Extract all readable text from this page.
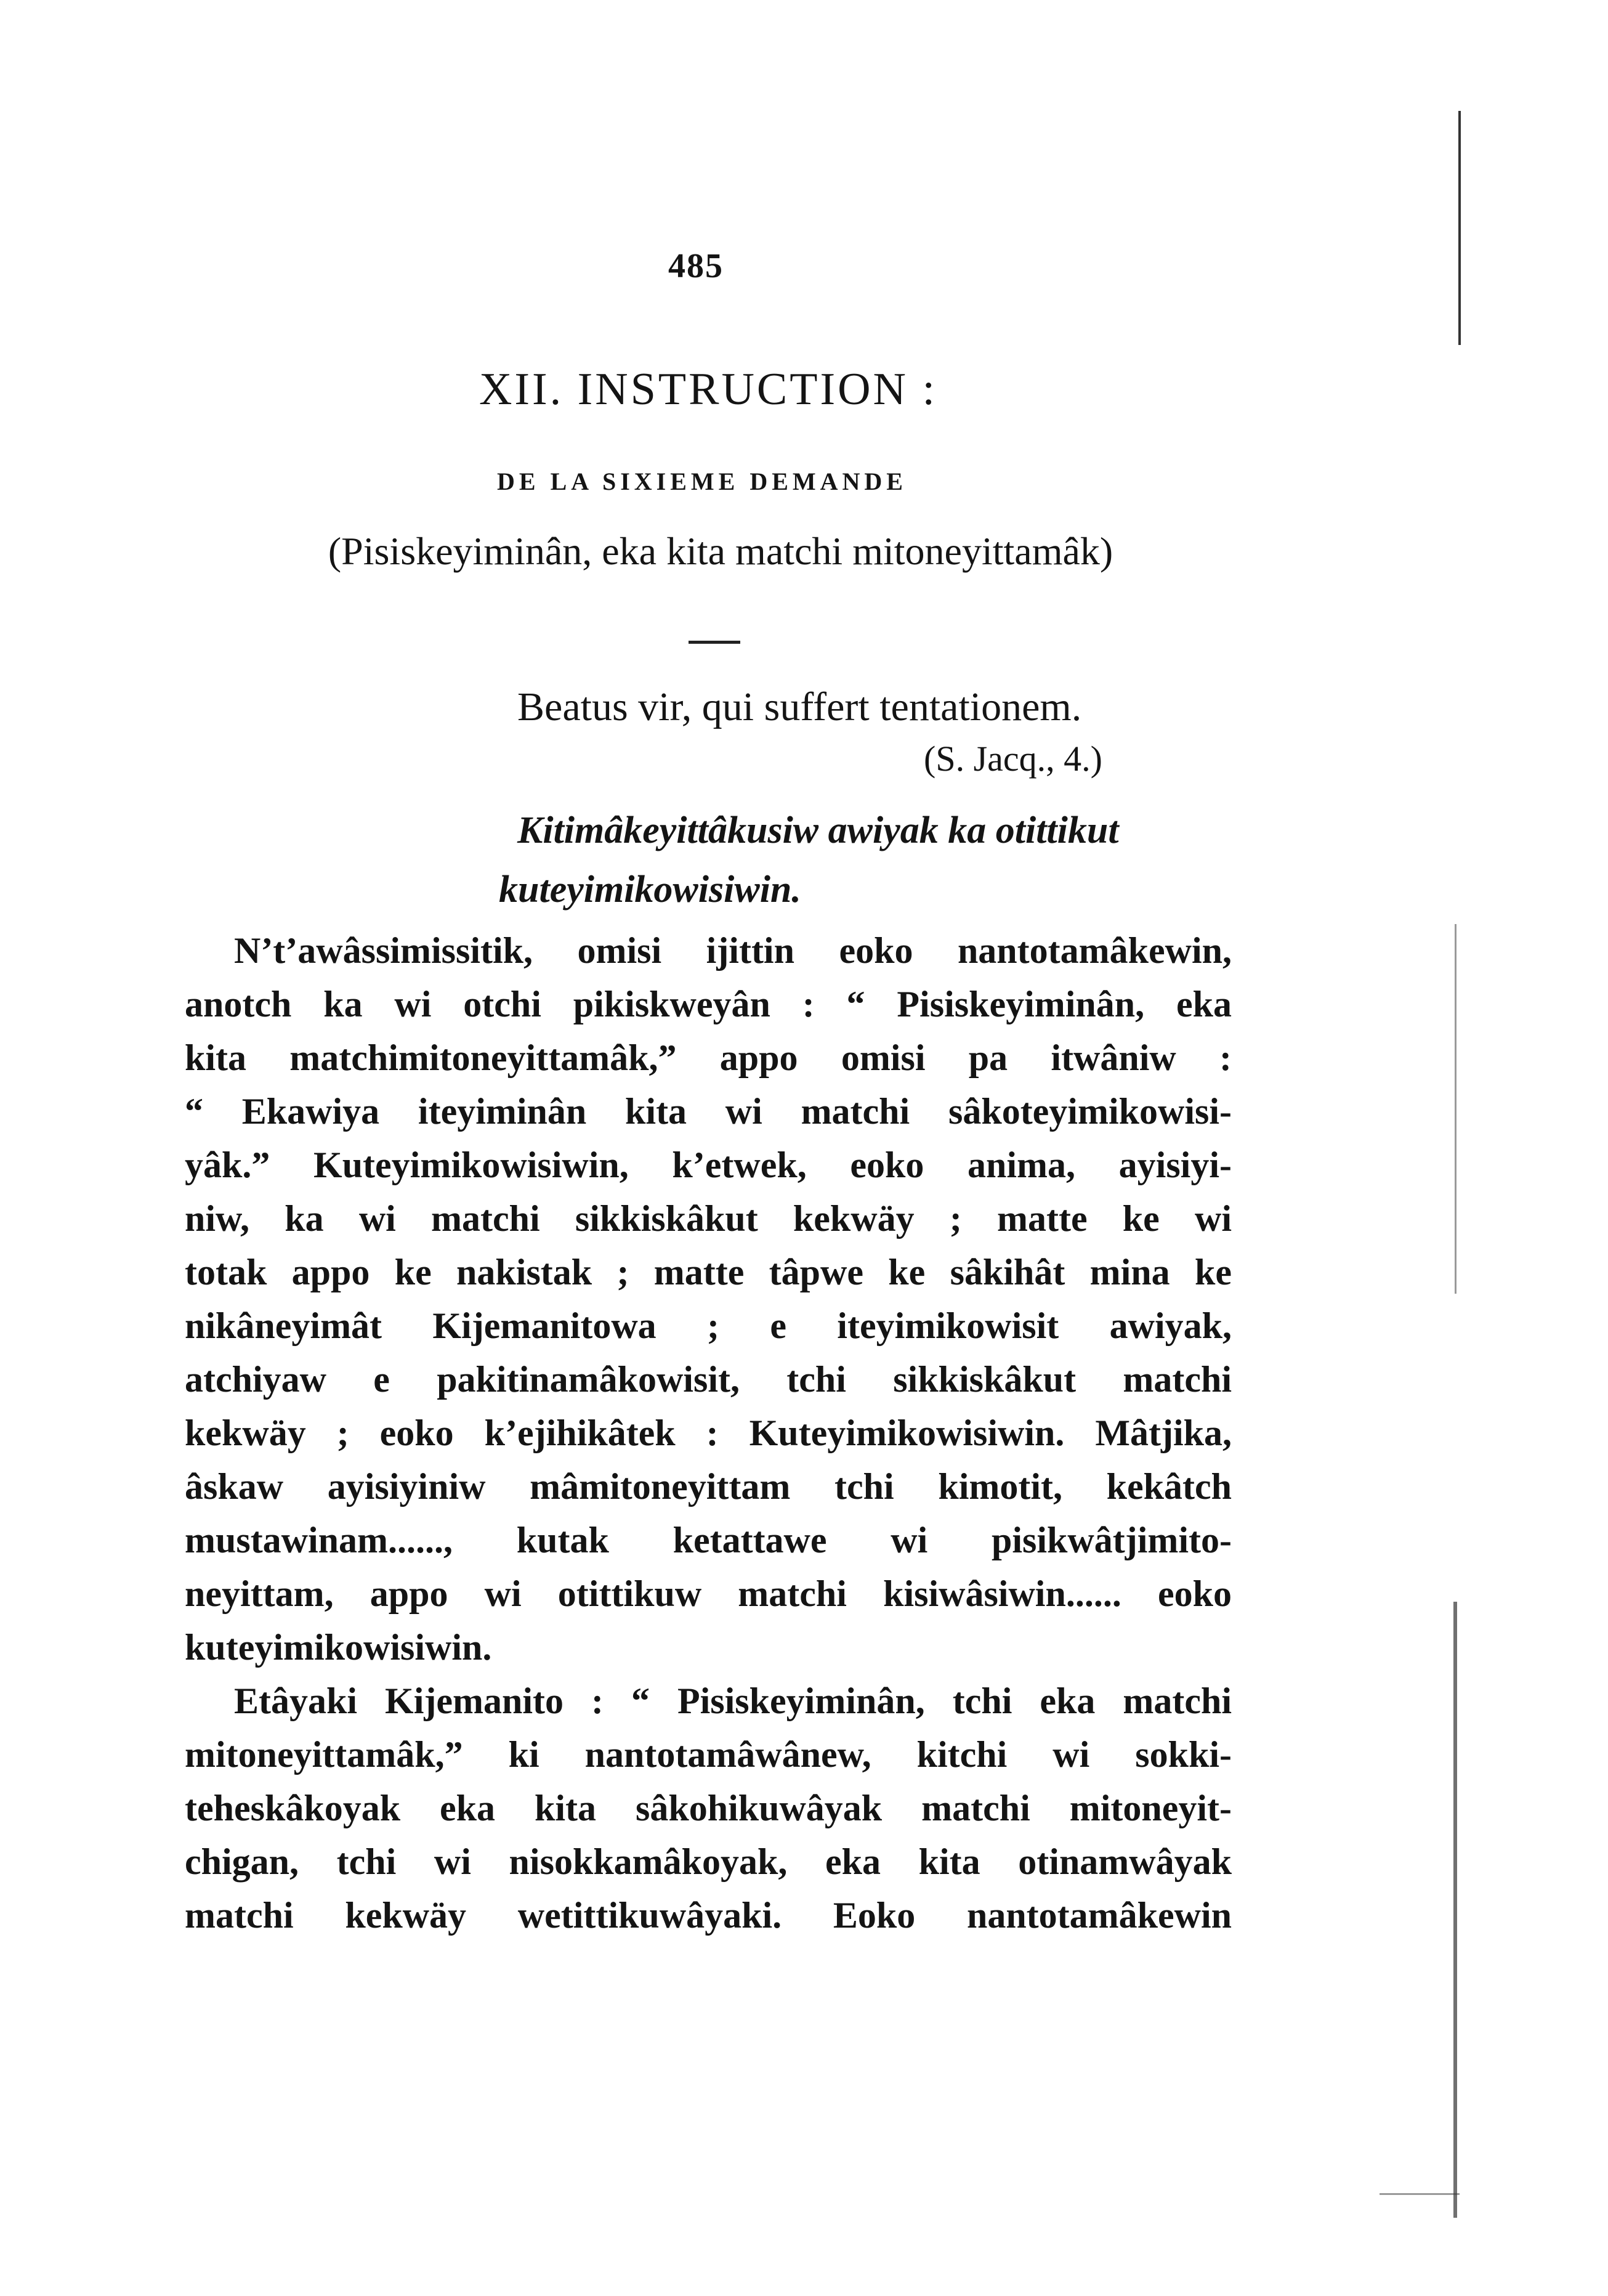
485
XII. INSTRUCTION :
DE LA SIXIEME DEMANDE
(Pisiskeyiminân, eka kita matchi mitoneyittamâk)
Beatus vir, qui suffert tentationem.
(S. Jacq., 4.)
Kitimâkeyittâkusiw awiyak ka otittikut
kuteyimikowisiwin.
N’t’awâssimissitik, omisi ijittin eoko nantotamâkewin,
anotch ka wi otchi pikiskweyân : “ Pisiskeyiminân, eka
kita matchimitoneyittamâk,” appo omisi pa itwâniw :
“ Ekawiya iteyiminân kita wi matchi sâkoteyimikowisi-
yâk.” Kuteyimikowisiwin, k’etwek, eoko anima, ayisiyi-
niw, ka wi matchi sikkiskâkut kekwäy ; matte ke wi
totak appo ke nakistak ; matte tâpwe ke sâkihât mina ke
nikâneyimât Kijemanitowa ; e iteyimikowisit awiyak,
atchiyaw e pakitinamâkowisit, tchi sikkiskâkut matchi
kekwäy ; eoko k’ejihikâtek : Kuteyimikowisiwin. Mâtjika,
âskaw ayisiyiniw mâmitoneyittam tchi kimotit, kekâtch
mustawinam......, kutak ketattawe wi pisikwâtjimito-
neyittam, appo wi otittikuw matchi kisiwâsiwin...... eoko
kuteyimikowisiwin.
Etâyaki Kijemanito : “ Pisiskeyiminân, tchi eka matchi
mitoneyittamâk,” ki nantotamâwânew, kitchi wi sokki-
teheskâkoyak eka kita sâkohikuwâyak matchi mitoneyit-
chigan, tchi wi nisokkamâkoyak, eka kita otinamwâyak
matchi kekwäy wetittikuwâyaki. Eoko nantotamâkewin
